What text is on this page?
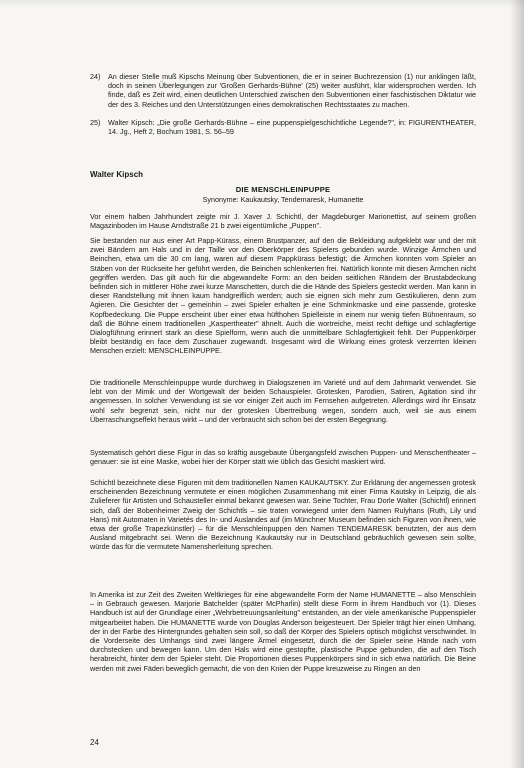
24)	An dieser Stelle muß Kipschs Meinung über Subventionen, die er in seiner Buchrezension (1) nur anklingen läßt, doch in seinen Überlegungen zur 'Großen Gerhards-Bühne' (25) weiter ausführt, klar widersprochen werden. Ich finde, daß es Zeit wird, einen deutlichen Unterschied zwischen den Subventionen einer faschistischen Diktatur wie der des 3. Reiches und den Unterstützungen eines demokratischen Rechtsstaates zu machen.
25)	Walter Kipsch: „Die große Gerhards-Bühne – eine puppenspielgeschichtliche Legende?", in: FIGURENTHEATER, 14. Jg., Heft 2, Bochum 1981, S. 56–59
Walter Kipsch
DIE MENSCHLEINPUPPE
Synonyme: Kaukautsky, Tendemaresk, Humanette

Vor einem halben Jahrhundert zeigte mir J. Xaver J. Schichtl, der Magdeburger Marionettist, auf seinem großen Magazinboden im Hause Arndtstraße 21 b zwei eigentümliche „Puppen".

Sie bestanden nur aus einer Art Papp-Kürass, einem Brustpanzer, auf den die Bekleidung aufgeklebt war und der mit zwei Bändern am Hals und in der Taille vor den Oberkörper des Spielers gebunden wurde. Winzige Ärmchen und Beinchen, etwa um die 30 cm lang, waren auf diesem Pappkürass befestigt; die Ärmchen konnten vom Spieler an Stäben von der Rückseite her geführt werden, die Beinchen schlenkerten frei. Natürlich konnte mit diesen Ärmchen nicht gegriffen werden. Das gilt auch für die abgewandelte Form: an den beiden seitlichen Rändern der Brustabdeckung befinden sich in mittlerer Höhe zwei kurze Manschetten, durch die die Hände des Spielers gesteckt werden. Man kann in dieser Randstellung mit ihnen kaum handgreiflich werden; auch sie eignen sich mehr zum Gestikulieren, denn zum Agieren. Die Gesichter der – gemeinhin – zwei Spieler erhalten je eine Schminkmaske und eine passende, groteske Kopfbedeckung. Die Puppe erscheint über einer etwa hüfthohen Spielleiste in einem nur wenig tiefen Bühnenraum, so daß die Bühne einem traditionellen „Kaspertheater" ähnelt. Auch die wortreiche, meist recht deftige und schlagfertige Dialogführung erinnert stark an diese Spielform, wenn auch die unmittelbare Schlagfertigkeit fehlt. Der Puppenkörper bleibt beständig en face dem Zuschauer zugewandt. Insgesamt wird die Wirkung eines grotesk verzerrten kleinen Menschen erzielt: MENSCHLEINPUPPE.

Die traditionelle Menschleinpuppe wurde durchweg in Dialogszenen im Varieté und auf dem Jahrmarkt verwendet. Sie lebt von der Mimik und der Wortgewalt der beiden Schauspieler. Grotesken, Parodien, Satiren, Agitation sind ihr angemessen. In solcher Verwendung ist sie vor einiger Zeit auch im Fernsehen aufgetreten. Allerdings wird ihr Einsatz wohl sehr begrenzt sein, nicht nur der grotesken Übertreibung wegen, sondern auch, weil sie aus einem Überraschungseffekt heraus wirkt – und der verbraucht sich schon bei der ersten Begegnung.

Systematisch gehört diese Figur in das so kräftig ausgebaute Übergangsfeld zwischen Puppen- und Menschentheater – genauer: sie ist eine Maske, wobei hier der Körper statt wie üblich das Gesicht maskiert wird.

Schichtl bezeichnete diese Figuren mit dem traditionellen Namen KAUKAUTSKY. Zur Erklärung der angemessen grotesk erscheinenden Bezeichnung vermutete er einen möglichen Zusammenhang mit einer Firma Kautsky in Leipzig, die als Zulieferer für Artisten und Schausteller einmal bekannt gewesen war. Seine Tochter, Frau Dorle Walter (Schichtl) erinnert sich, daß der Bobenheimer Zweig der Schichtls – sie traten vorwiegend unter dem Namen Rulyhans (Ruth, Lily und Hans) mit Automaten in Varietés des In- und Auslandes auf (im Münchner Museum befinden sich Figuren von ihnen, wie etwa der große Trapezkünstler) – für die Menschleinpuppen den Namen TENDEMARESK benutzten, der aus dem Ausland mitgebracht sei. Wenn die Bezeichnung Kaukautsky nur in Deutschland gebräuchlich gewesen sein sollte, würde das für die vermutete Namensherleitung sprechen.

In Amerika ist zur Zeit des Zweiten Weltkrieges für eine abgewandelte Form der Name HUMANETTE – also Menschlein – in Gebrauch gewesen. Marjorie Batchelder (später McPharlin) stellt diese Form in ihrem Handbuch vor (1). Dieses Handbuch ist auf der Grundlage einer „Wehrbetreuungsanleitung" entstanden, an der viele amerikanische Puppenspieler mitgearbeitet haben. Die HUMANETTE wurde von Douglas Anderson beigesteuert. Der Spieler trägt hier einen Umhang, der in der Farbe des Hintergrundes gehalten sein soll, so daß der Körper des Spielers optisch möglichst verschwindet. In die Vorderseite des Umhangs sind zwei längere Ärmel eingesetzt, durch die der Spieler seine Hände nach vorn durchstecken und bewegen kann. Um den Hals wird eine gestopfte, plastische Puppe gebunden, die auf den Tisch herabreicht, hinter dem der Spieler steht. Die Proportionen dieses Puppenkörpers sind in sich etwa natürlich. Die Beine werden mit zwei Fäden beweglich gemacht, die von den Knien der Puppe kreuzweise zu Ringen an den

24
